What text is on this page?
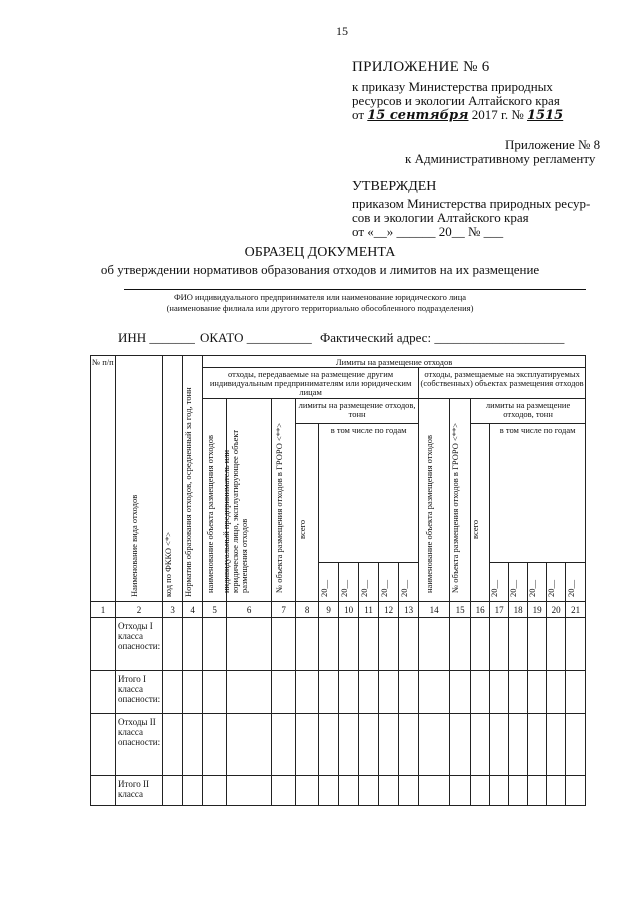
15
ПРИЛОЖЕНИЕ № 6
к приказу Министерства природных
ресурсов и экологии Алтайского края
от 15 сентября 2017 г. № 1515
Приложение № 8
к Административному регламенту
УТВЕРЖДЕН
приказом Министерства природных ресур-
сов и экологии Алтайского края
от «__» ______ 20__ № ___
ОБРАЗЕЦ ДОКУМЕНТА
об утверждении нормативов образования отходов и лимитов на их размещение
ФИО индивидуального предпринимателя или наименование юридического лица
(наименование филиала или другого территориально обособленного подразделения)
ИНН _______ ОКАТО __________ Фактический адрес: ____________________
№ п/п	Наименование вида отходов	код по ФККО <*>	Норматив образования отходов, осредненный за год, тонн	Лимиты на размещение отходов																
				отходы, передаваемые на размещение другим индивидуальным предпринимателям или юридическим лицам									отходы, размещаемые на эксплуатируемых (собственных) объектах размещения отходов							

				наименование объекта размещения отходов	индивидуальный предприниматель или юридическое лицо, эксплуатирующее объект размещения отходов	№ объекта размещения отходов в ГРОРО <**>	лимиты на размещение отходов, тонн						наименование объекта размещения отходов	№ объекта размещения отходов в ГРОРО <**>	лимиты на размещение отходов, тонн					

							всего	в том числе по годам							всего	в том числе по годам				

								20__	20__	20__	20__	20__				20__	20__	20__	20__	20__

1	2	3	4	5	6	7	8	9	10	11	12	13	14	15	16	17	18	19	20	21
	Отходы I класса опасности:																			
	Итого I класса опасности:																			
	Отходы II класса опасности:																			
	Итого II класса																			
